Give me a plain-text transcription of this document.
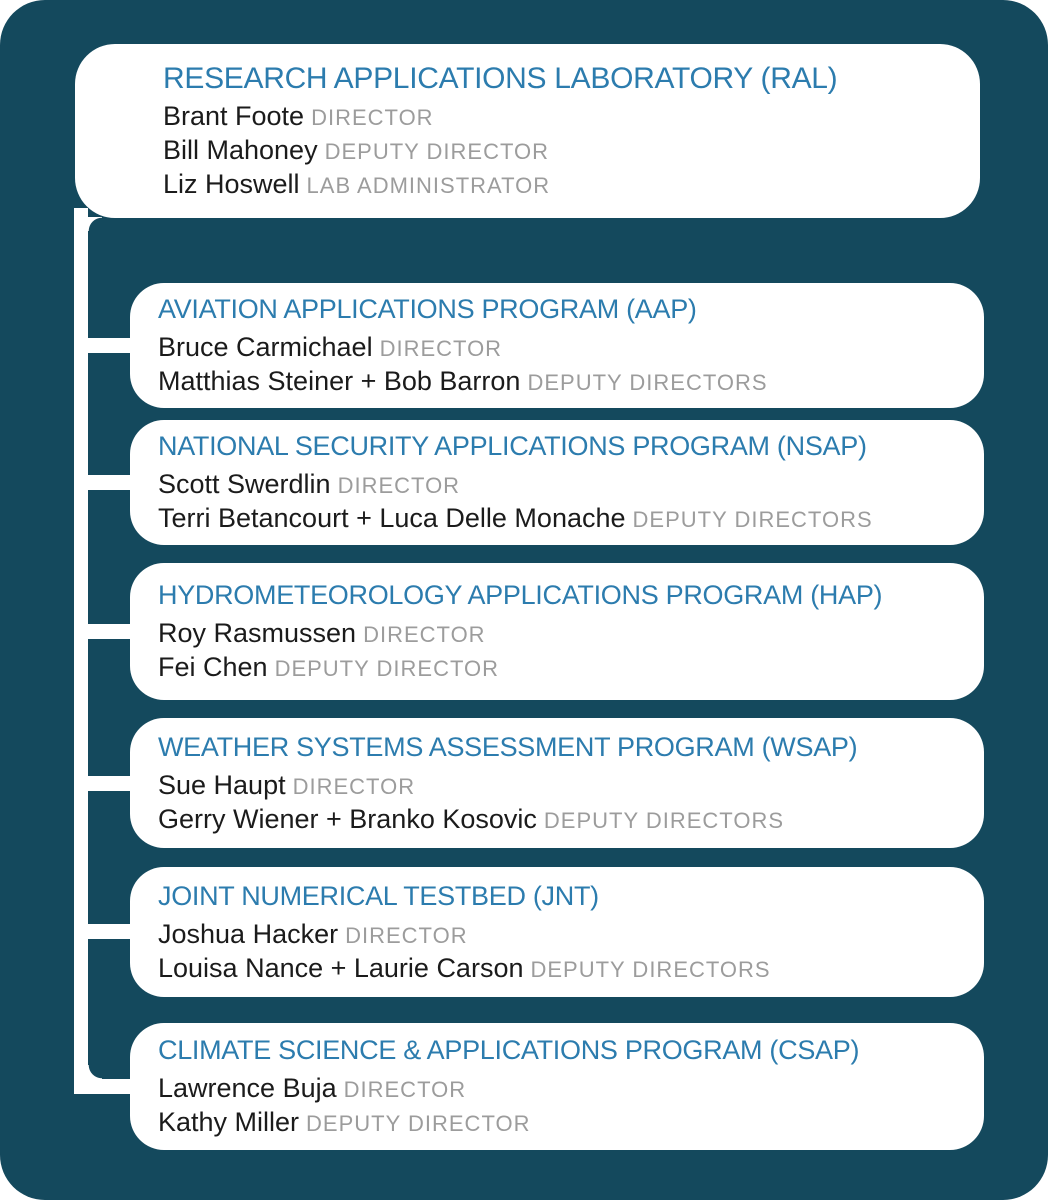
RESEARCH APPLICATIONS LABORATORY (RAL)
Brant Foote DIRECTOR
Bill Mahoney DEPUTY DIRECTOR
Liz Hoswell LAB ADMINISTRATOR
AVIATION APPLICATIONS PROGRAM (AAP)
Bruce Carmichael DIRECTOR
Matthias Steiner + Bob Barron DEPUTY DIRECTORS
NATIONAL SECURITY APPLICATIONS PROGRAM (NSAP)
Scott Swerdlin DIRECTOR
Terri Betancourt + Luca Delle Monache DEPUTY DIRECTORS
HYDROMETEOROLOGY APPLICATIONS PROGRAM (HAP)
Roy Rasmussen DIRECTOR
Fei Chen DEPUTY DIRECTOR
WEATHER SYSTEMS ASSESSMENT PROGRAM (WSAP)
Sue Haupt DIRECTOR
Gerry Wiener + Branko Kosovic DEPUTY DIRECTORS
JOINT NUMERICAL TESTBED (JNT)
Joshua Hacker DIRECTOR
Louisa Nance + Laurie Carson DEPUTY DIRECTORS
CLIMATE SCIENCE & APPLICATIONS PROGRAM (CSAP)
Lawrence Buja DIRECTOR
Kathy Miller DEPUTY DIRECTOR
